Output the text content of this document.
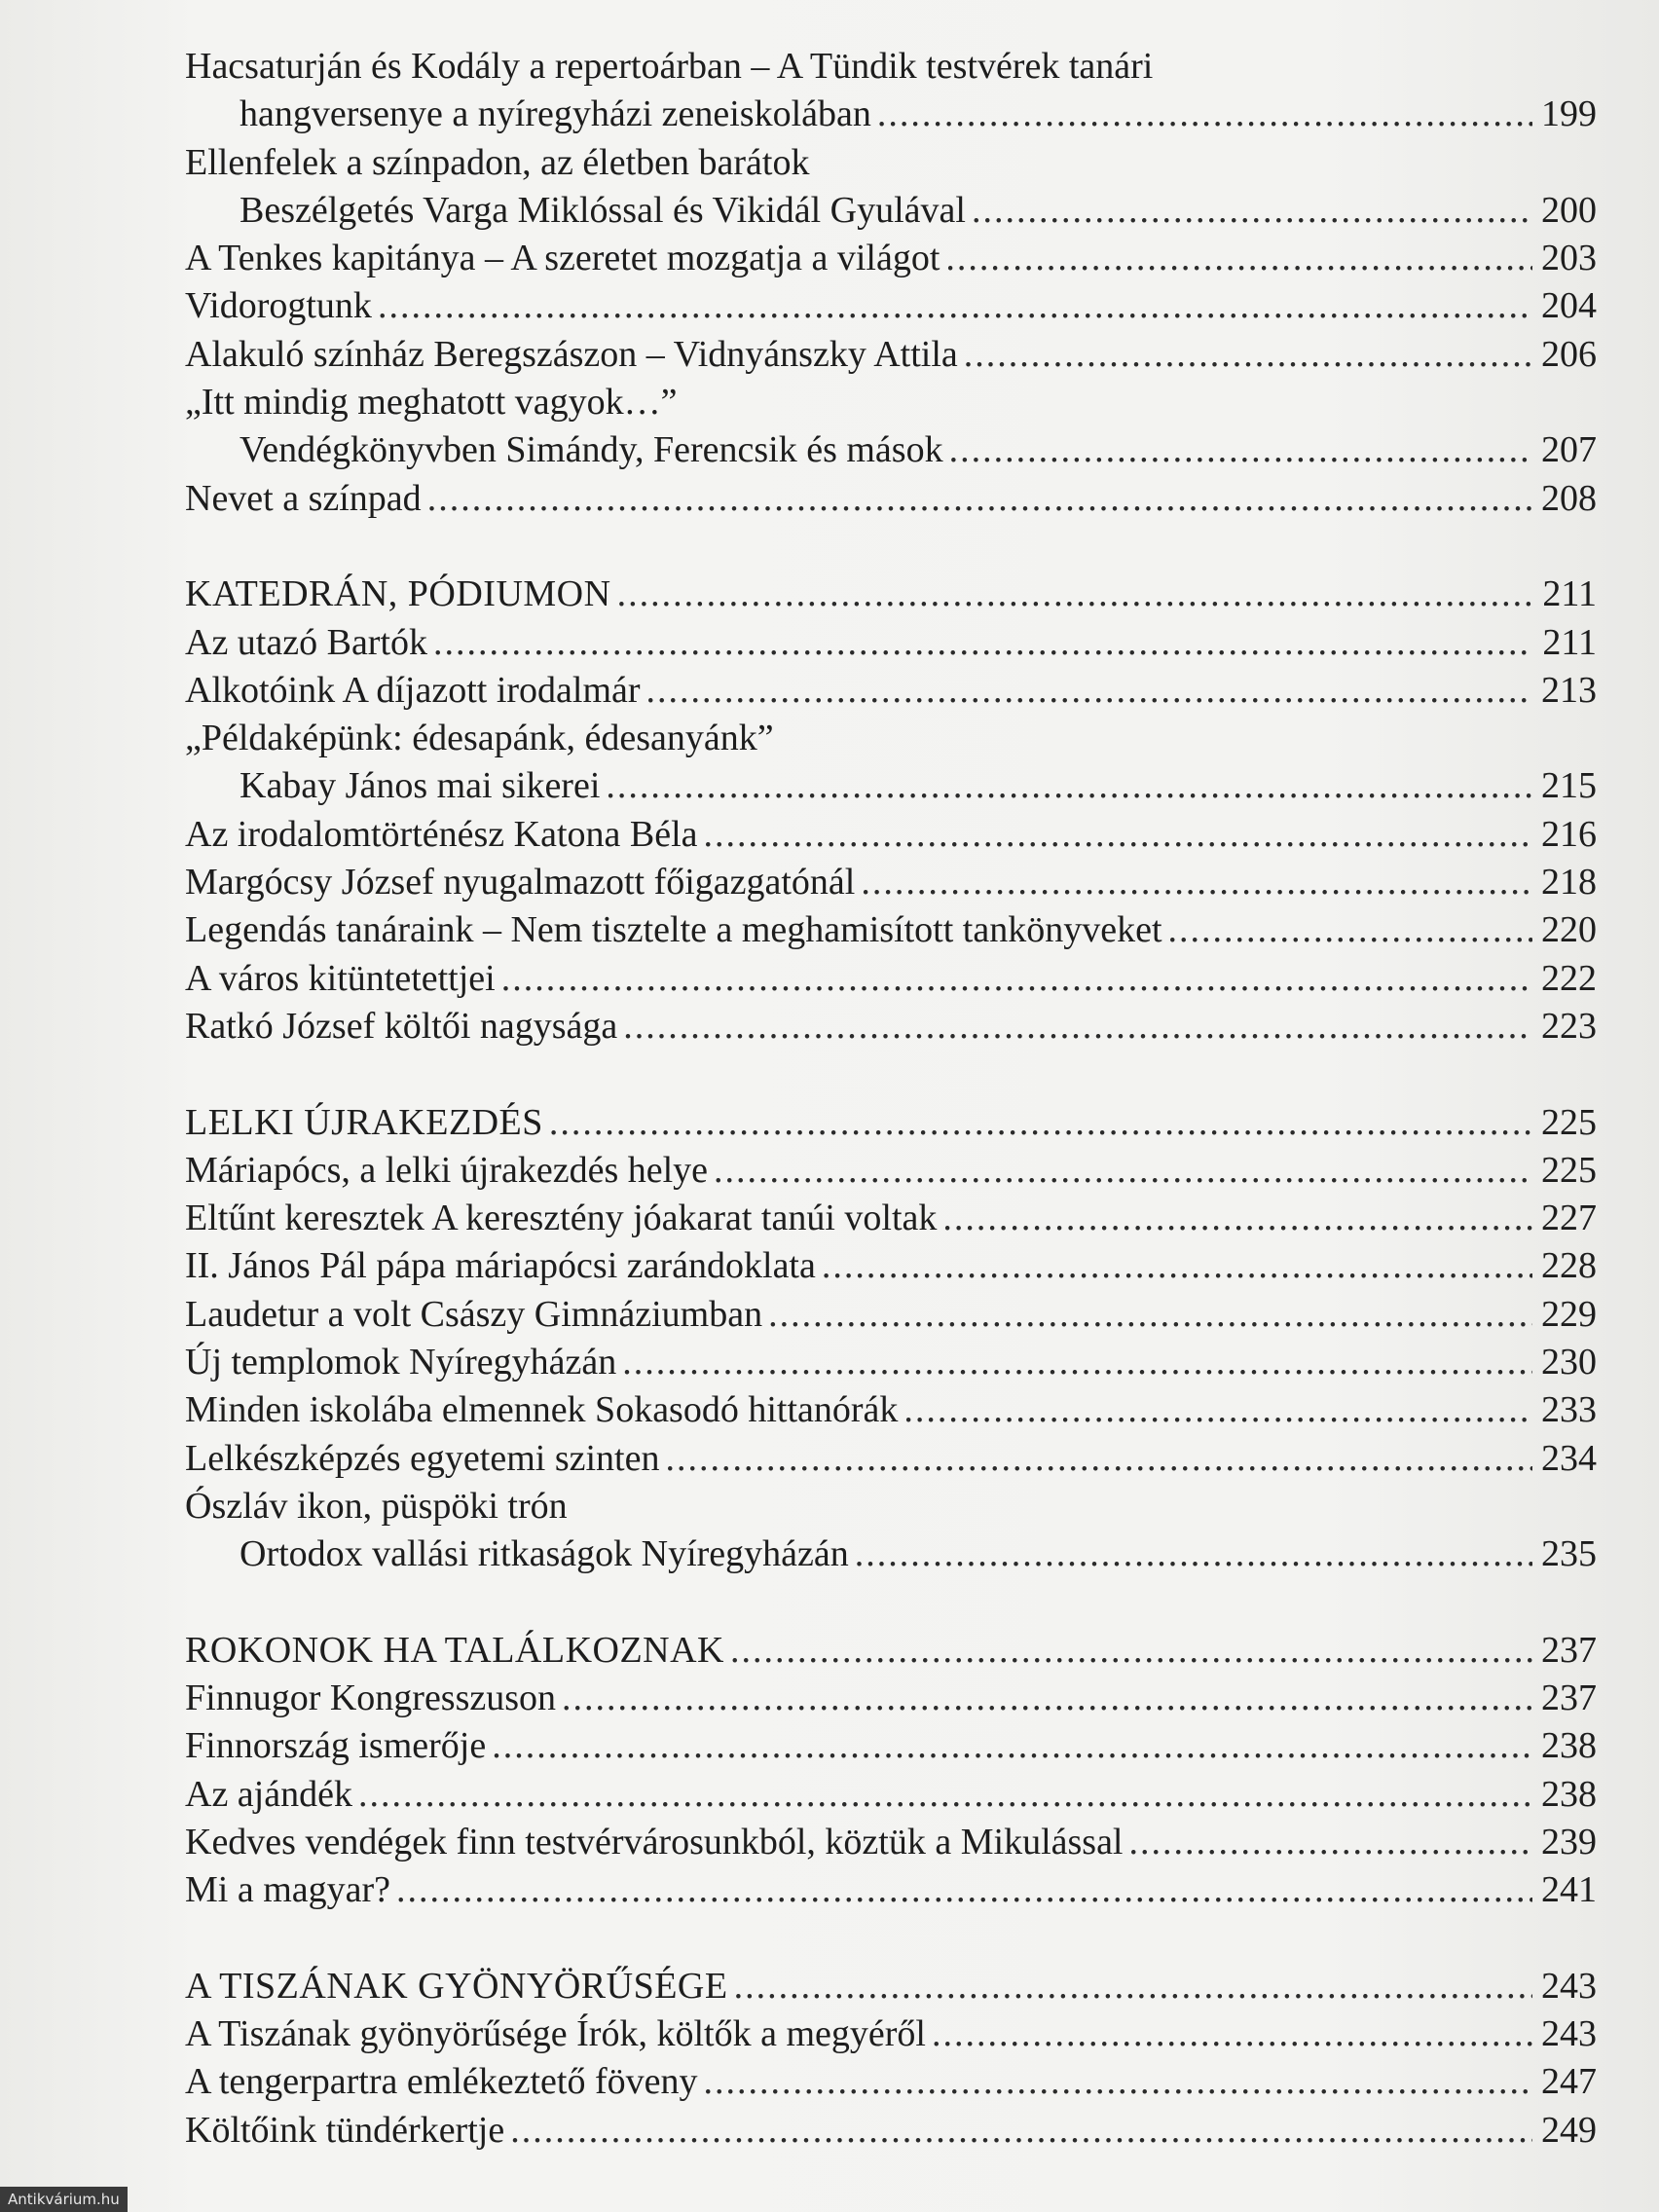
Hacsaturján és Kodály a repertoárban – A Tündik testvérek tanári
hangversenye a nyíregyházi zeneiskolában .....	199
Ellenfelek a színpadon, az életben barátok
Beszélgetés Varga Miklóssal és Vikidál Gyulával .....	200
A Tenkes kapitánya – A szeretet mozgatja a világot .....	203
Vidorogtunk .....	204
Alakuló színház Beregszászon – Vidnyánszky Attila .....	206
„Itt mindig meghatott vagyok…”
Vendégkönyvben Simándy, Ferencsik és mások .....	207
Nevet a színpad .....	208
KATEDRÁN, PÓDIUMON .....	211
Az utazó Bartók .....	211
Alkotóink A díjazott irodalmár .....	213
„Példaképünk: édesapánk, édesanyánk”
Kabay János mai sikerei .....	215
Az irodalomtörténész Katona Béla .....	216
Margócsy József nyugalmazott főigazgatónál .....	218
Legendás tanáraink – Nem tisztelte a meghamisított tankönyveket .....	220
A város kitüntetettjei .....	222
Ratkó József költői nagysága .....	223
LELKI ÚJRAKEZDÉS .....	225
Máriapócs, a lelki újrakezdés helye .....	225
Eltűnt keresztek A keresztény jóakarat tanúi voltak .....	227
II. János Pál pápa máriapócsi zarándoklata .....	228
Laudetur a volt Császy Gimnáziumban .....	229
Új templomok Nyíregyházán .....	230
Minden iskolába elmennek Sokasodó hittanórák .....	233
Lelkészképzés egyetemi szinten .....	234
Ószláv ikon, püspöki trón
Ortodox vallási ritkaságok Nyíregyházán .....	235
ROKONOK HA TALÁLKOZNAK .....	237
Finnugor Kongresszuson .....	237
Finnország ismerője .....	238
Az ajándék .....	238
Kedves vendégek finn testvérvárosunkból, köztük a Mikulással .....	239
Mi a magyar? .....	241
A TISZÁNAK GYÖNYÖRŰSÉGE .....	243
A Tiszának gyönyörűsége Írók, költők a megyéről .....	243
A tengerpartra emlékeztető föveny .....	247
Költőink tündérkertje .....	249
Antikvárium.hu
